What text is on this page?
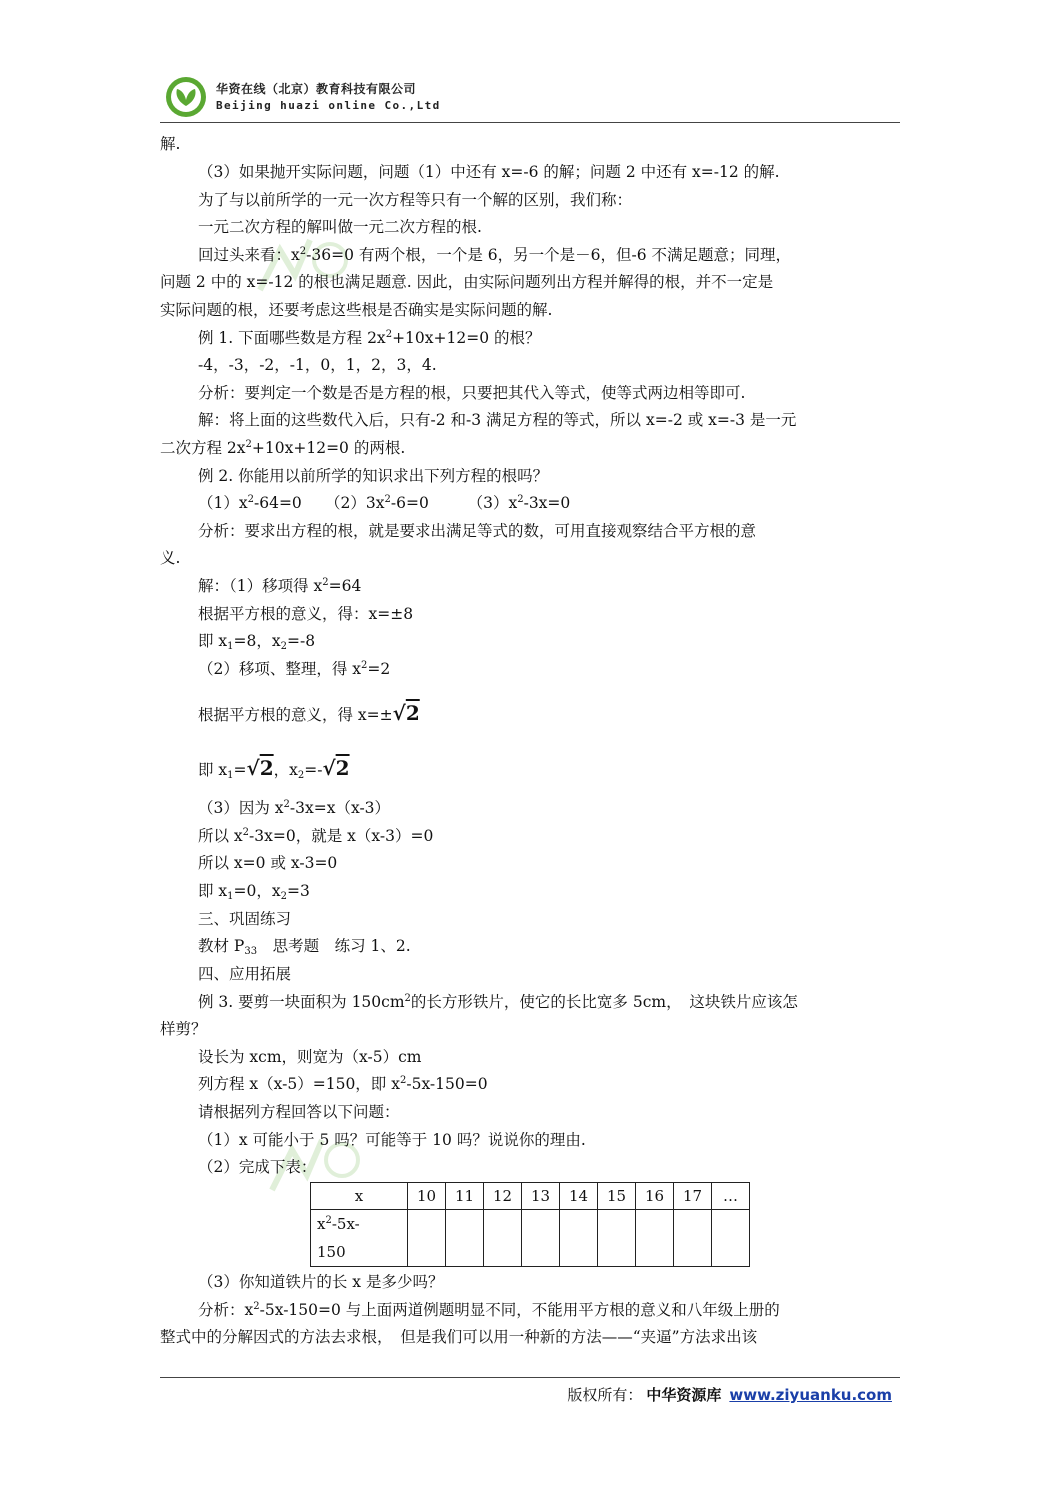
华资在线（北京）教育科技有限公司
Beijing huazi online Co.,Ltd
解.
（3）如果抛开实际问题，问题（1）中还有 x=-6 的解；问题 2 中还有 x=-12 的解.
为了与以前所学的一元一次方程等只有一个解的区别，我们称：
一元二次方程的解叫做一元二次方程的根.
回过头来看：$x^2-36=0$ 有两个根，一个是 6，另一个是－6，但-6 不满足题意；同理，
问题 2 中的 x=-12 的根也满足题意. 因此，由实际问题列出方程并解得的根，并不一定是
实际问题的根，还要考虑这些根是否确实是实际问题的解.
例 1. 下面哪些数是方程 $2x^2+10x+12=0$ 的根？
-4，-3，-2，-1，0，1，2，3，4.
分析：要判定一个数是否是方程的根，只要把其代入等式，使等式两边相等即可.
解：将上面的这些数代入后，只有-2 和-3 满足方程的等式，所以 x=-2 或 x=-3 是一元
二次方程 $2x^2+10x+12=0$ 的两根.
例 2. 你能用以前所学的知识求出下列方程的根吗？
$(1)x^2-64=0$　　$(2)3x^2-6=0$　　　$(3)x^2-3x=0$
分析：要求出方程的根，就是要求出满足等式的数，可用直接观察结合平方根的意
义.
解：（1）移项得 $x^2=64$
根据平方根的意义，得：x=±8
即 $x_1=8$，$x_2=-8$
（2）移项、整理，得 $x^2=2$
根据平方根的意义，得 x=±√2
即 $x_1=√2$，$x_2=-√2$
（3）因为 $x^2-3x=x(x-3)$
所以 $x^2-3x=0$，就是 x（x-3）=0
所以 x=0 或 x-3=0
即 $x_1=0$，$x_2=3$
三、巩固练习
教材 $P_{33}$　思考题　练习 1、2.
四、应用拓展
例 3. 要剪一块面积为 $150cm^2$的长方形铁片，使它的长比宽多 5cm，　这块铁片应该怎
样剪？
设长为 xcm，则宽为（x-5）cm
列方程 x（x-5）=150，即 $x^2-5x-150=0$
请根据列方程回答以下问题：
（1）x 可能小于 5 吗？可能等于 10 吗？说说你的理由.
（2）完成下表：
x	10	11	12	13	14	15	16	17	…
$x^2-5x-$
150									
（3）你知道铁片的长 x 是多少吗？
分析：$x^2-5x-150=0$ 与上面两道例题明显不同，不能用平方根的意义和八年级上册的
整式中的分解因式的方法去求根，　但是我们可以用一种新的方法——“夹逼”方法求出该
版权所有： 中华资源库 www.ziyuanku.com
